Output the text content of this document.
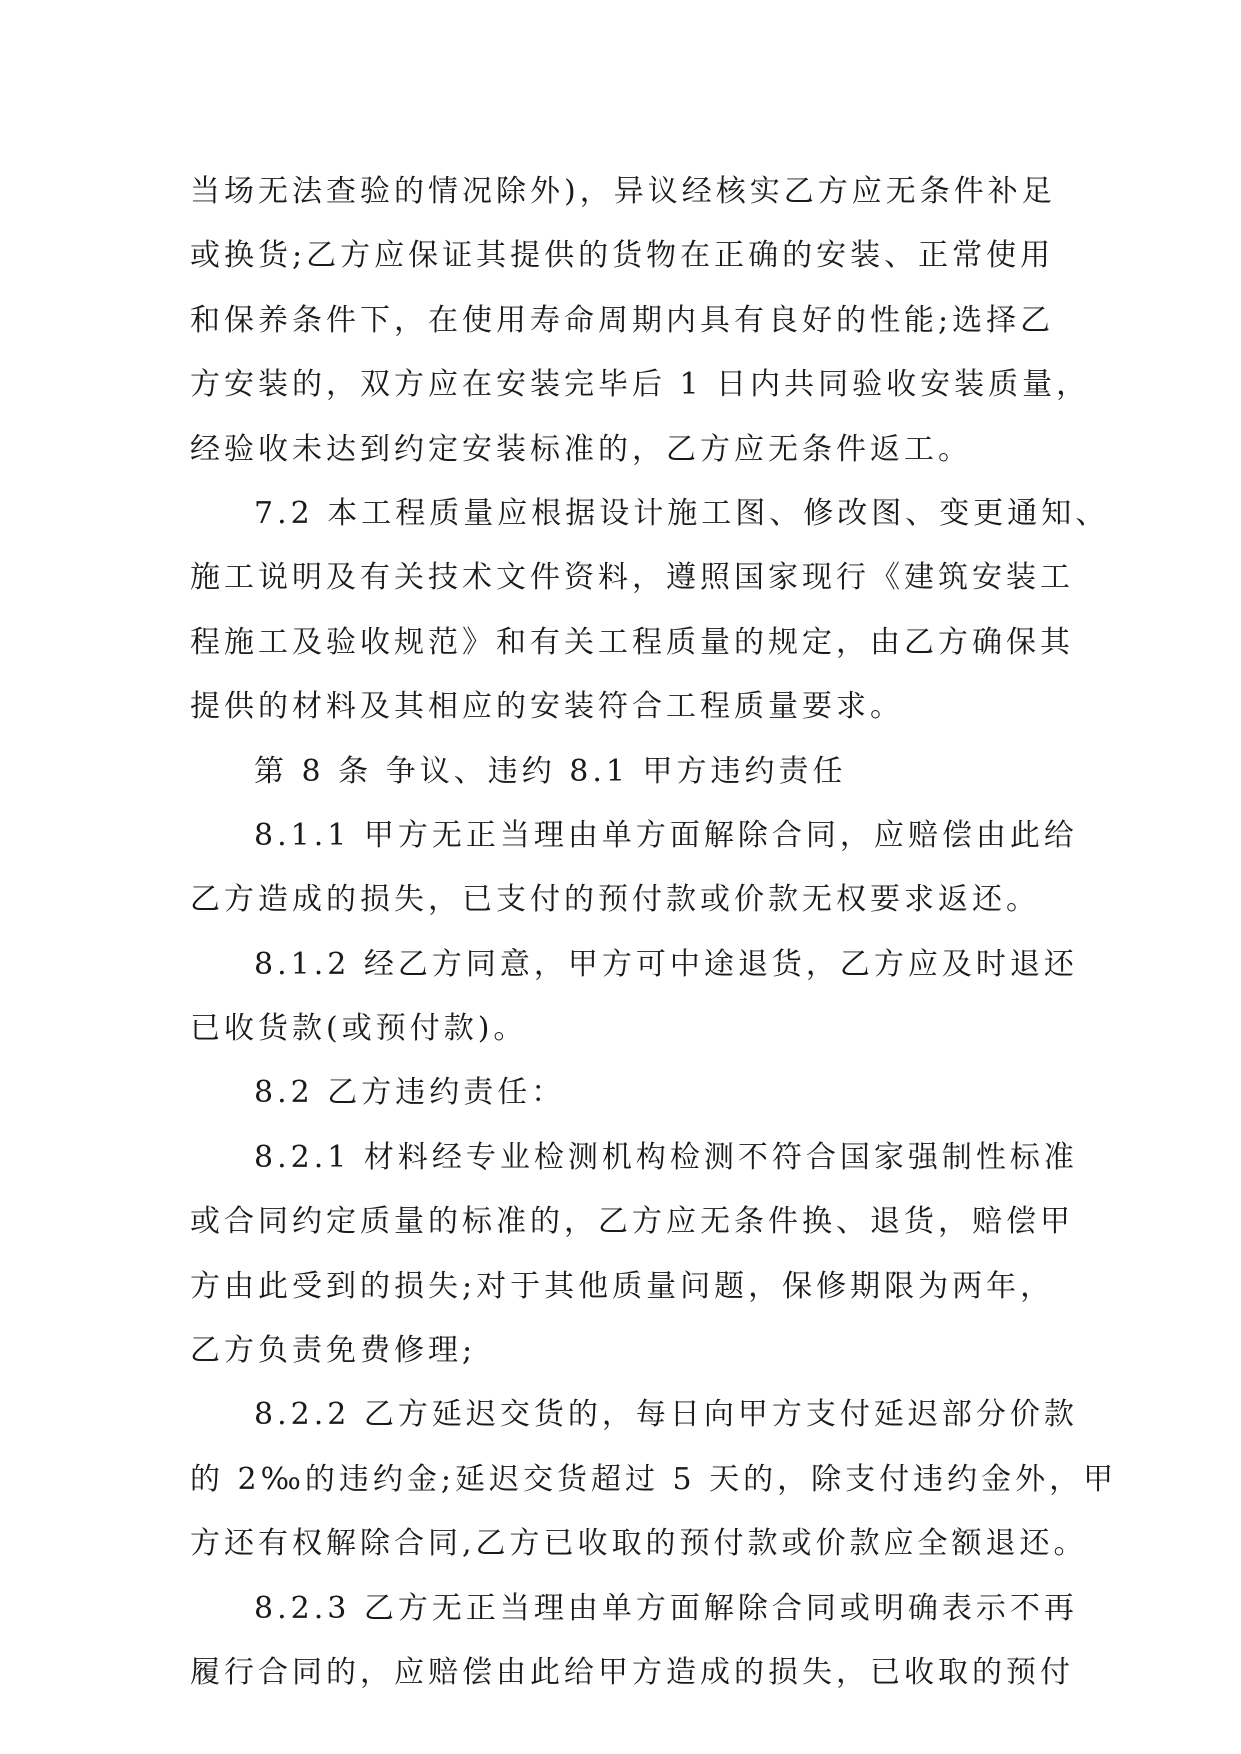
当场无法查验的情况除外)，异议经核实乙方应无条件补足
或换货;乙方应保证其提供的货物在正确的安装、正常使用
和保养条件下，在使用寿命周期内具有良好的性能;选择乙
方安装的，双方应在安装完毕后 1 日内共同验收安装质量，
经验收未达到约定安装标准的，乙方应无条件返工。
7.2 本工程质量应根据设计施工图、修改图、变更通知、
施工说明及有关技术文件资料，遵照国家现行《建筑安装工
程施工及验收规范》和有关工程质量的规定，由乙方确保其
提供的材料及其相应的安装符合工程质量要求。
第 8 条 争议、违约 8.1 甲方违约责任
8.1.1 甲方无正当理由单方面解除合同，应赔偿由此给
乙方造成的损失，已支付的预付款或价款无权要求返还。
8.1.2 经乙方同意，甲方可中途退货，乙方应及时退还
已收货款(或预付款)。
8.2 乙方违约责任：
8.2.1 材料经专业检测机构检测不符合国家强制性标准
或合同约定质量的标准的，乙方应无条件换、退货，赔偿甲
方由此受到的损失;对于其他质量问题，保修期限为两年，
乙方负责免费修理;
8.2.2 乙方延迟交货的，每日向甲方支付延迟部分价款
的 2‰的违约金;延迟交货超过 5 天的，除支付违约金外，甲
方还有权解除合同,乙方已收取的预付款或价款应全额退还。
8.2.3 乙方无正当理由单方面解除合同或明确表示不再
履行合同的，应赔偿由此给甲方造成的损失，已收取的预付
